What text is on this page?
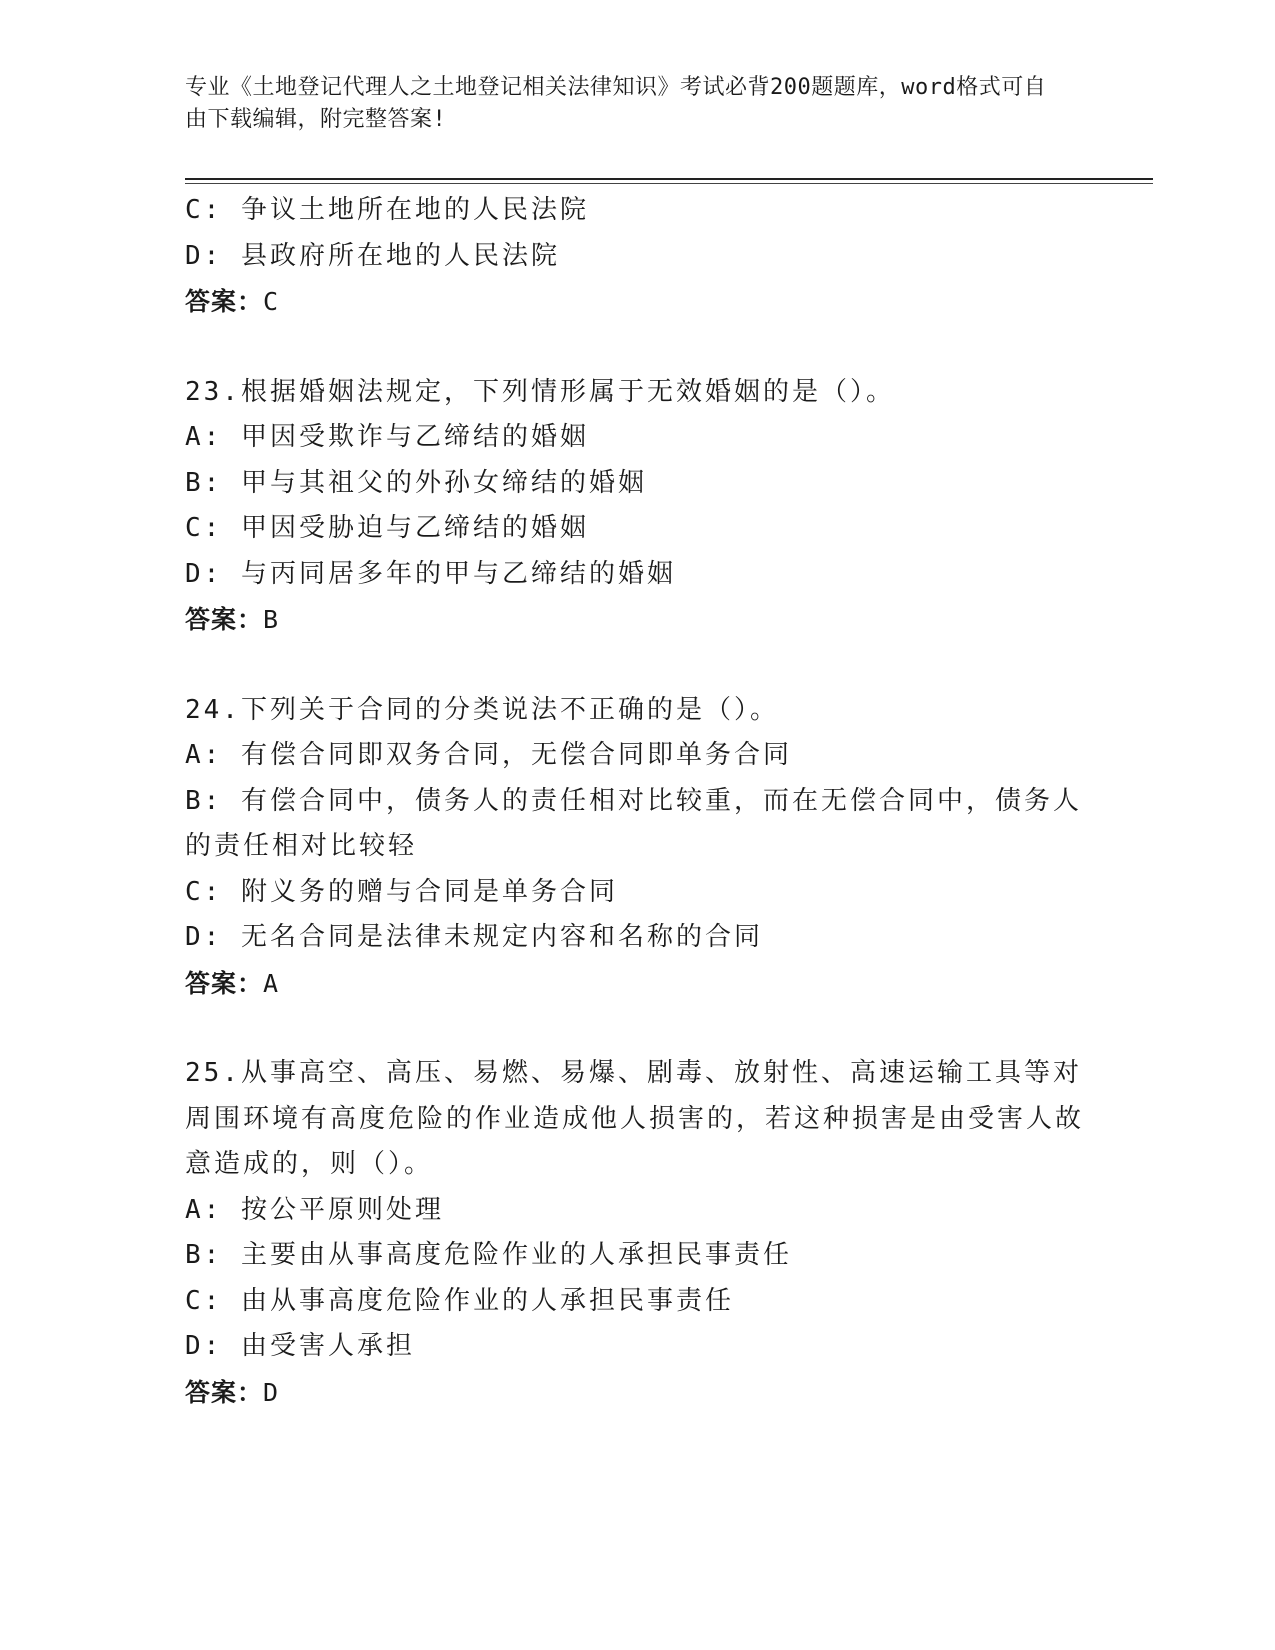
专业《土地登记代理人之土地登记相关法律知识》考试必背200题题库，word格式可自由下载编辑，附完整答案!
C: 争议土地所在地的人民法院
D: 县政府所在地的人民法院
答案：C
23.根据婚姻法规定，下列情形属于无效婚姻的是（）。
A: 甲因受欺诈与乙缔结的婚姻
B: 甲与其祖父的外孙女缔结的婚姻
C: 甲因受胁迫与乙缔结的婚姻
D: 与丙同居多年的甲与乙缔结的婚姻
答案：B
24.下列关于合同的分类说法不正确的是（）。
A: 有偿合同即双务合同，无偿合同即单务合同
B: 有偿合同中，债务人的责任相对比较重，而在无偿合同中，债务人的责任相对比较轻
C: 附义务的赠与合同是单务合同
D: 无名合同是法律未规定内容和名称的合同
答案：A
25.从事高空、高压、易燃、易爆、剧毒、放射性、高速运输工具等对周围环境有高度危险的作业造成他人损害的，若这种损害是由受害人故意造成的，则（）。
A: 按公平原则处理
B: 主要由从事高度危险作业的人承担民事责任
C: 由从事高度危险作业的人承担民事责任
D: 由受害人承担
答案：D
